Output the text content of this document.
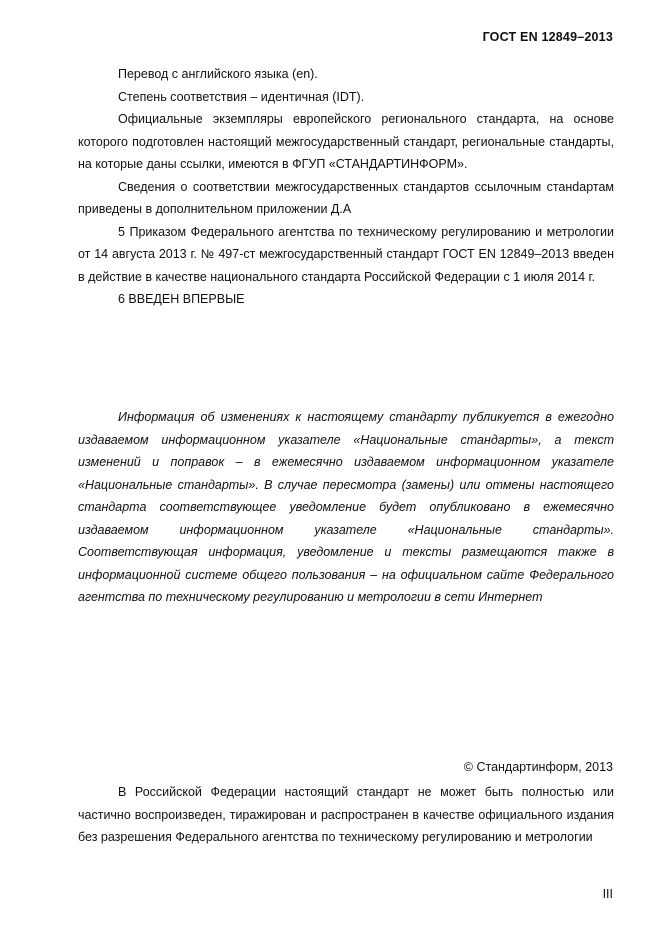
ГОСТ EN 12849–2013

Перевод с английского языка (en).

Степень соответствия – идентичная (IDT).

Официальные экземпляры европейского регионального стандарта, на основе которого подготовлен настоящий межгосударственный стандарт, региональные стандарты, на которые даны ссылки, имеются в ФГУП «СТАНДАРТИНФОРМ».

Сведения о соответствии межгосударственных стандартов ссылочным станdартам приведены в дополнительном приложении Д.А

5 Приказом Федерального агентства по техническому регулированию и метрологии от 14 августа 2013 г. № 497-ст межгосударственный стандарт ГОСТ EN 12849–2013 введен в действие в качестве национального стандарта Российской Федерации с 1 июля 2014 г.

6 ВВЕДЕН ВПЕРВЫЕ

Информация об изменениях к настоящему стандарту публикуется в ежегодно издаваемом информационном указателе «Национальные стандарты», а текст изменений и поправок – в ежемесячно издаваемом информационном указателе «Национальные стандарты». В случае пересмотра (замены) или отмены настоящего стандарта соответствующее уведомление будет опубликовано в ежемесячно издаваемом информационном указателе «Национальные стандарты». Соответствующая информация, уведомление и тексты размещаются также в информационной системе общего пользования – на официальном сайте Федерального агентства по техническому регулированию и метрологии в сети Интернет

© Стандартинформ, 2013

В Российской Федерации настоящий стандарт не может быть полностью или частично воспроизведен, тиражирован и распространен в качестве официального издания без разрешения Федерального агентства по техническому регулированию и метрологии

III
